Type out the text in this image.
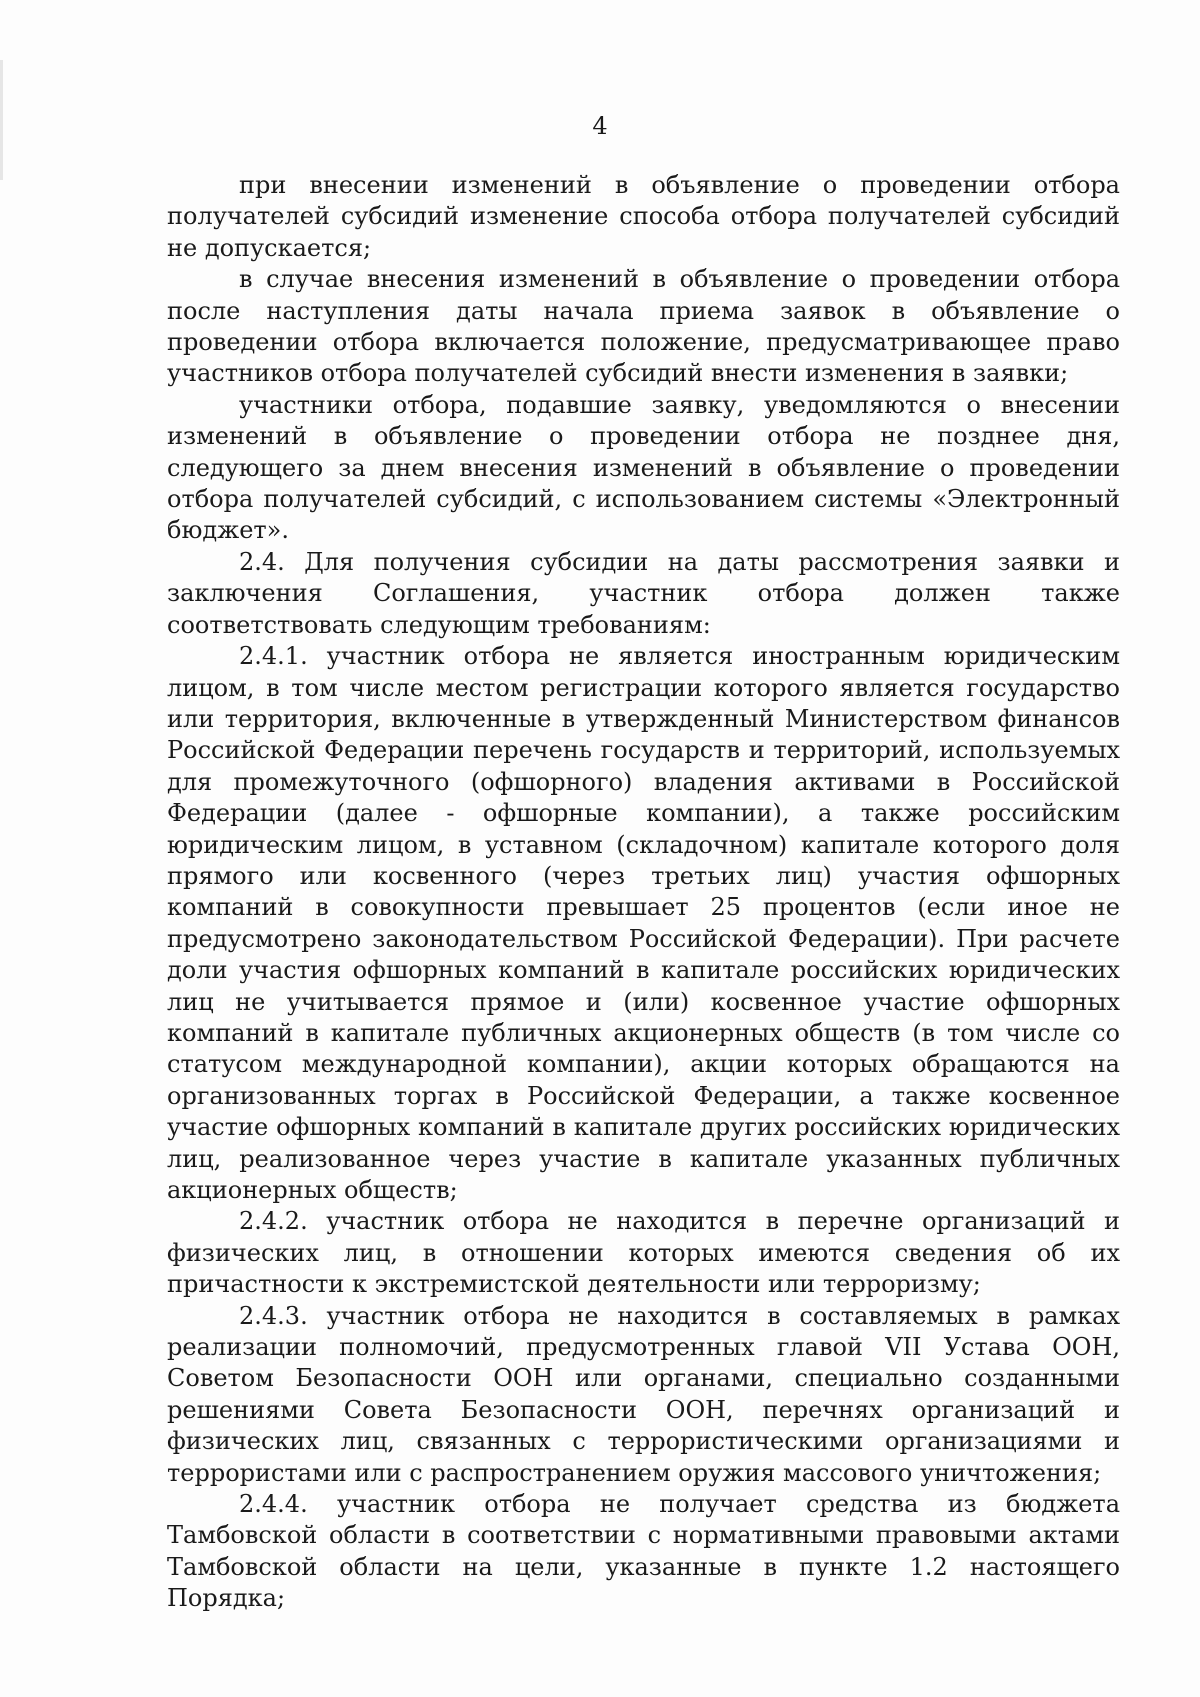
4

при внесении изменений в объявление о проведении отбора получателей субсидий изменение способа отбора получателей субсидий не допускается;

в случае внесения изменений в объявление о проведении отбора после наступления даты начала приема заявок в объявление о проведении отбора включается положение, предусматривающее право участников отбора получателей субсидий внести изменения в заявки;

участники отбора, подавшие заявку, уведомляются о внесении изменений в объявление о проведении отбора не позднее дня, следующего за днем внесения изменений в объявление о проведении отбора получателей субсидий, с использованием системы «Электронный бюджет».

2.4. Для получения субсидии на даты рассмотрения заявки и заключения Соглашения, участник отбора должен также соответствовать следующим требованиям:

2.4.1. участник отбора не является иностранным юридическим лицом, в том числе местом регистрации которого является государство или территория, включенные в утвержденный Министерством финансов Российской Федерации перечень государств и территорий, используемых для промежуточного (офшорного) владения активами в Российской Федерации (далее - офшорные компании), а также российским юридическим лицом, в уставном (складочном) капитале которого доля прямого или косвенного (через третьих лиц) участия офшорных компаний в совокупности превышает 25 процентов (если иное не предусмотрено законодательством Российской Федерации). При расчете доли участия офшорных компаний в капитале российских юридических лиц не учитывается прямое и (или) косвенное участие офшорных компаний в капитале публичных акционерных обществ (в том числе со статусом международной компании), акции которых обращаются на организованных торгах в Российской Федерации, а также косвенное участие офшорных компаний в капитале других российских юридических лиц, реализованное через участие в капитале указанных публичных акционерных обществ;

2.4.2. участник отбора не находится в перечне организаций и физических лиц, в отношении которых имеются сведения об их причастности к экстремистской деятельности или терроризму;

2.4.3. участник отбора не находится в составляемых в рамках реализации полномочий, предусмотренных главой VII Устава ООН, Советом Безопасности ООН или органами, специально созданными решениями Совета Безопасности ООН, перечнях организаций и физических лиц, связанных с террористическими организациями и террористами или с распространением оружия массового уничтожения;

2.4.4. участник отбора не получает средства из бюджета Тамбовской области в соответствии с нормативными правовыми актами Тамбовской области на цели, указанные в пункте 1.2 настоящего Порядка;
